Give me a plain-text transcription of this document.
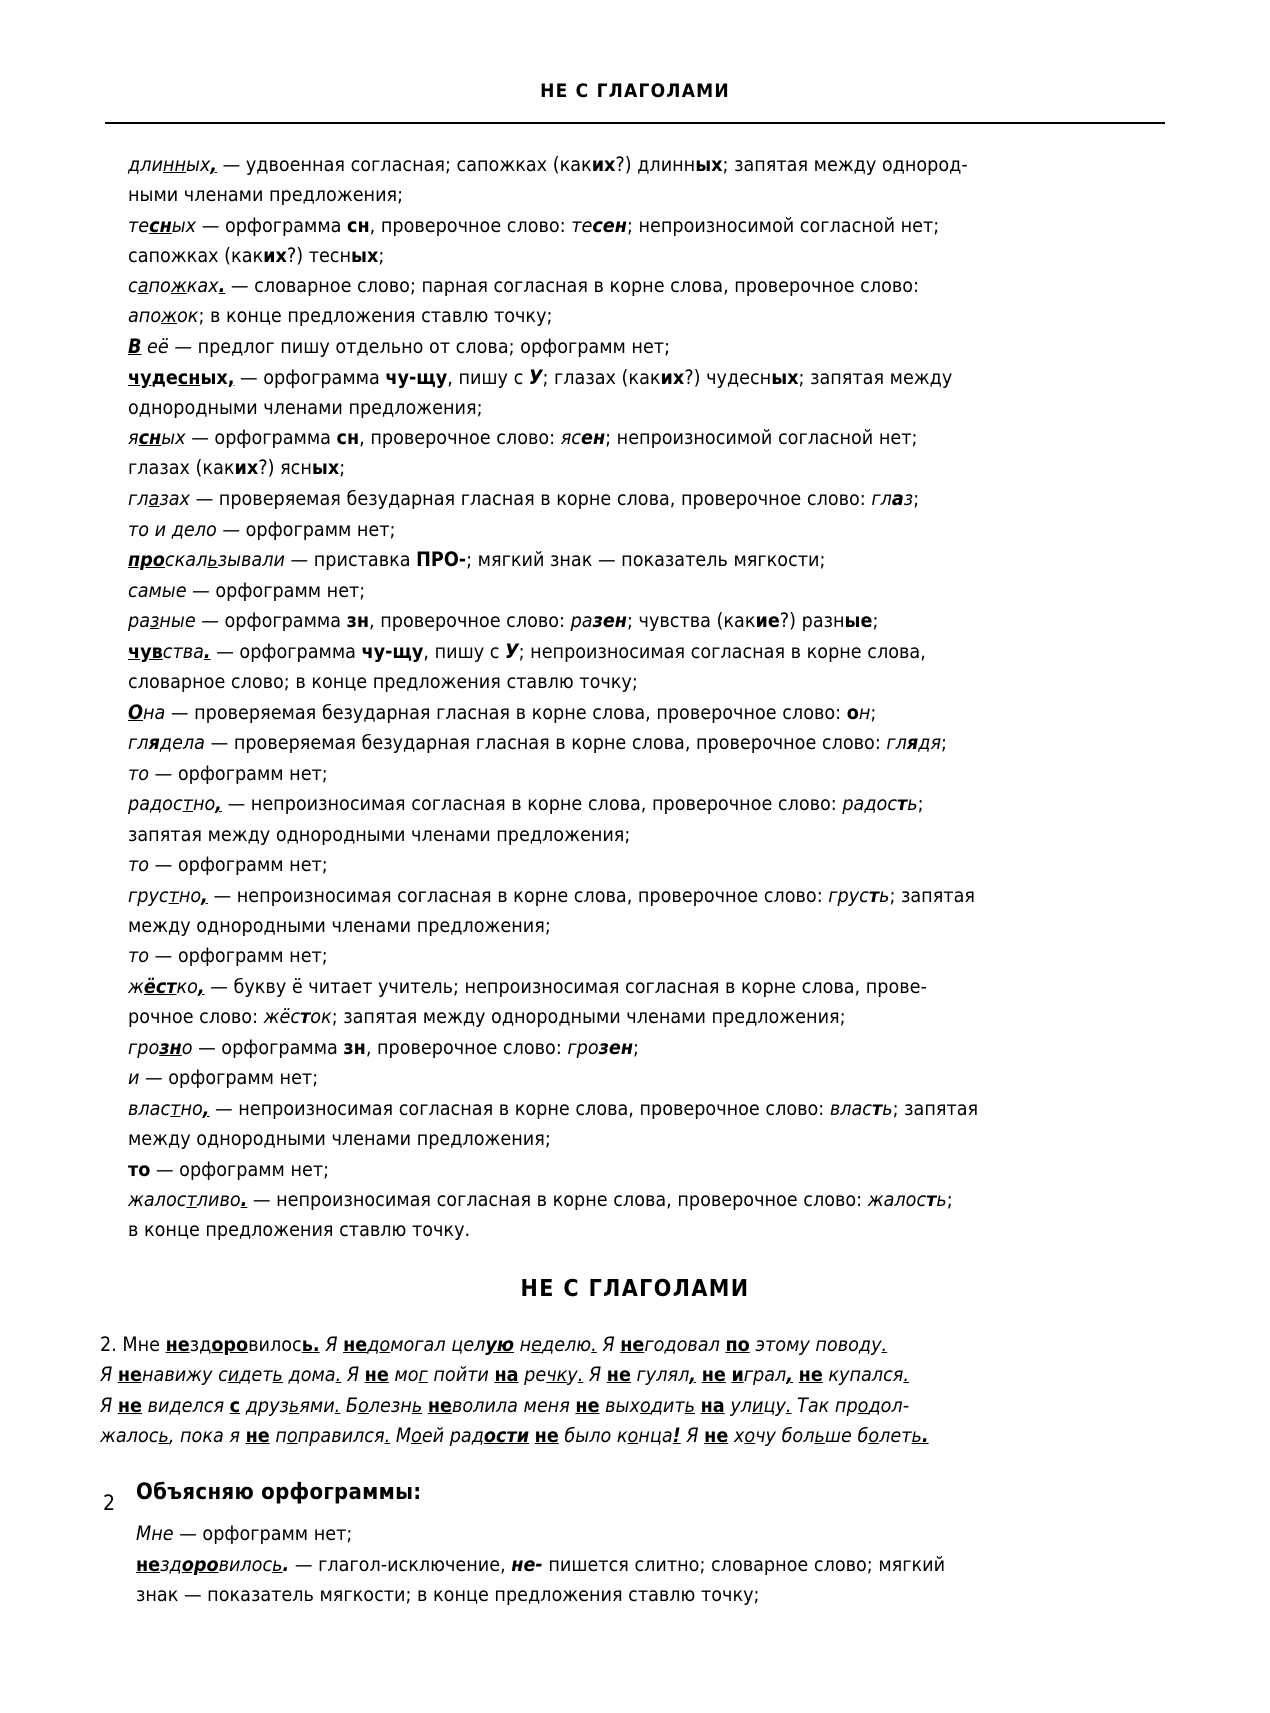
НЕ С ГЛАГОЛАМИ

длинных, — удвоенная согласная; сапожках (каких?) длинных; запятая между однород-
ными членами предложения;

тесных — орфограмма сн, проверочное слово: тесен; непроизносимой согласной нет;
сапожках (каких?) тесных;

сапожках. — словарное слово; парная согласная в корне слова, проверочное слово:
апожок; в конце предложения ставлю точку;

В её — предлог пишу отдельно от слова; орфограмм нет;

чудесных, — орфограмма чу-щу, пишу с У; глазах (каких?) чудесных; запятая между
однородными членами предложения;

ясных — орфограмма сн, проверочное слово: ясен; непроизносимой согласной нет;
глазах (каких?) ясных;

глазах — проверяемая безударная гласная в корне слова, проверочное слово: глаз;

то и дело — орфограмм нет;

проскальзывали — приставка ПРО-; мягкий знак — показатель мягкости;

самые — орфограмм нет;

разные — орфограмма зн, проверочное слово: разен; чувства (какие?) разные;

чувства. — орфограмма чу-щу, пишу с У; непроизносимая согласная в корне слова,
словарное слово; в конце предложения ставлю точку;

Она — проверяемая безударная гласная в корне слова, проверочное слово: он;

глядела — проверяемая безударная гласная в корне слова, проверочное слово: глядя;

то — орфограмм нет;

радостно, — непроизносимая согласная в корне слова, проверочное слово: радость;
запятая между однородными членами предложения;

то — орфограмм нет;

грустно, — непроизносимая согласная в корне слова, проверочное слово: грусть; запятая
между однородными членами предложения;

то — орфограмм нет;

жёстко, — букву ё читает учитель; непроизносимая согласная в корне слова, прове-
рочное слово: жёсток; запятая между однородными членами предложения;

грозно — орфограмма зн, проверочное слово: грозен;

и — орфограмм нет;

властно, — непроизносимая согласная в корне слова, проверочное слово: власть; запятая
между однородными членами предложения;

то — орфограмм нет;

жалостливо. — непроизносимая согласная в корне слова, проверочное слово: жалость;
в конце предложения ставлю точку.

НЕ С ГЛАГОЛАМИ
2. Мне нездоровилось. Я недомогал целую неделю. Я негодовал по этому поводу.
Я ненавижу сидеть дома. Я не мог пойти на речку. Я не гулял, не играл, не купался.
Я не виделся с друзьями. Болезнь неволила меня не выходить на улицу. Так продол-
жалось, пока я не поправился. Моей радости не было конца! Я не хочу больше болеть.
Объясняю орфограммы:

Мне — орфограмм нет;

нездоровилось. — глагол-исключение, не- пишется слитно; словарное слово; мягкий
знак — показатель мягкости; в конце предложения ставлю точку;

2
